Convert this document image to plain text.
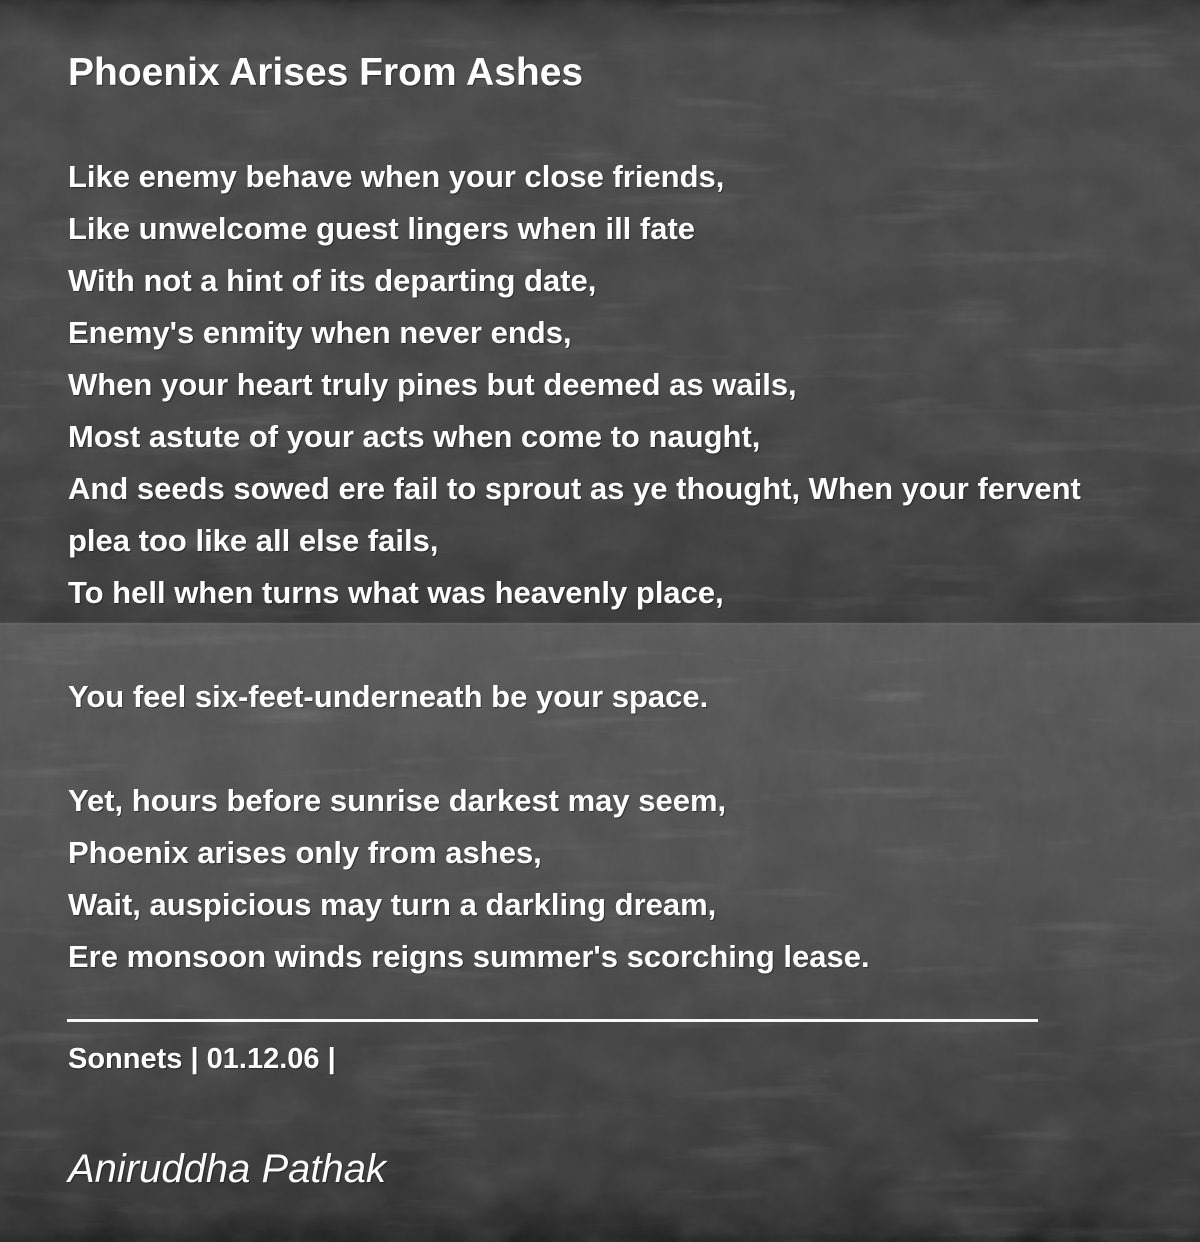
Phoenix Arises From Ashes
Like enemy behave when your close friends,
Like unwelcome guest lingers when ill fate
With not a hint of its departing date,
Enemy's enmity when never ends,
When your heart truly pines but deemed as wails,
Most astute of your acts when come to naught,
And seeds sowed ere fail to sprout as ye thought, When your fervent
plea too like all else fails,
To hell when turns what was heavenly place,

You feel six-feet-underneath be your space.

Yet, hours before sunrise darkest may seem,
Phoenix arises only from ashes,
Wait, auspicious may turn a darkling dream,
Ere monsoon winds reigns summer's scorching lease.
Sonnets | 01.12.06 |
Aniruddha Pathak
